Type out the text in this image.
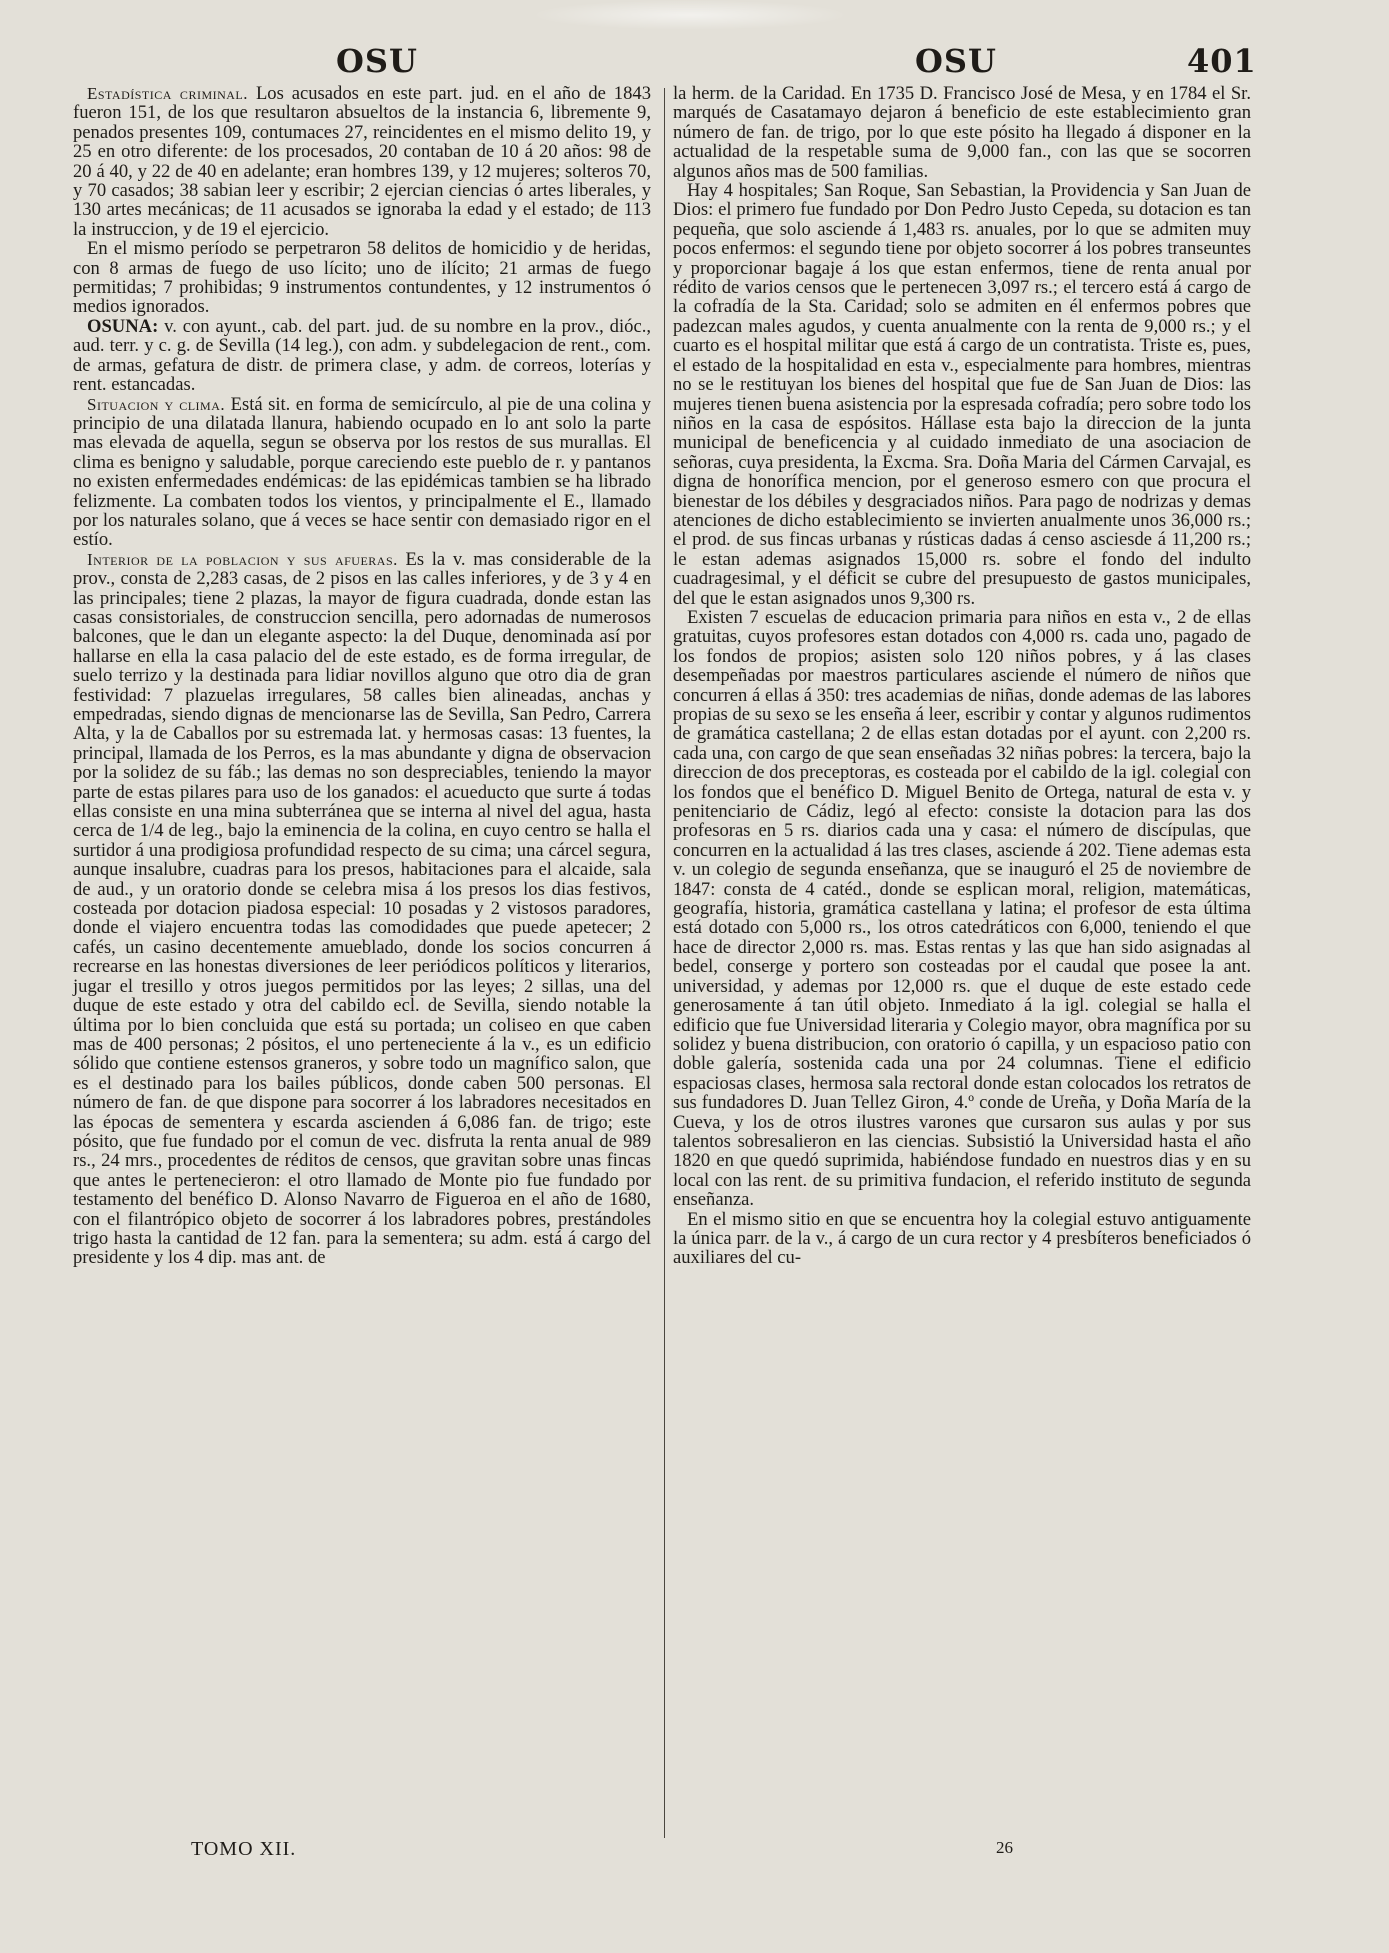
OSU	OSU	401

Estadística criminal. Los acusados en este part. jud. en el año de 1843 fueron 151, de los que resultaron absueltos de la instancia 6, libremente 9, penados presentes 109, contumaces 27, reincidentes en el mismo delito 19, y 25 en otro diferente: de los procesados, 20 contaban de 10 á 20 años: 98 de 20 á 40, y 22 de 40 en adelante; eran hombres 139, y 12 mujeres; solteros 70, y 70 casados; 38 sabian leer y escribir; 2 ejercian ciencias ó artes liberales, y 130 artes mecánicas; de 11 acusados se ignoraba la edad y el estado; de 113 la instruccion, y de 19 el ejercicio.

En el mismo período se perpetraron 58 delitos de homicidio y de heridas, con 8 armas de fuego de uso lícito; uno de ilícito; 21 armas de fuego permitidas; 7 prohibidas; 9 instrumentos contundentes, y 12 instrumentos ó medios ignorados.

OSUNA: v. con ayunt., cab. del part. jud. de su nombre en la prov., dióc., aud. terr. y c. g. de Sevilla (14 leg.), con adm. y subdelegacion de rent., com. de armas, gefatura de distr. de primera clase, y adm. de correos, loterías y rent. estancadas.

Situacion y clima. Está sit. en forma de semicírculo, al pie de una colina y principio de una dilatada llanura, habiendo ocupado en lo ant solo la parte mas elevada de aquella, segun se observa por los restos de sus murallas. El clima es benigno y saludable, porque careciendo este pueblo de r. y pantanos no existen enfermedades endémicas: de las epidémicas tambien se ha librado felizmente. La combaten todos los vientos, y principalmente el E., llamado por los naturales solano, que á veces se hace sentir con demasiado rigor en el estío.

Interior de la poblacion y sus afueras. Es la v. mas considerable de la prov., consta de 2,283 casas, de 2 pisos en las calles inferiores, y de 3 y 4 en las principales; tiene 2 plazas, la mayor de figura cuadrada, donde estan las casas consistoriales, de construccion sencilla, pero adornadas de numerosos balcones, que le dan un elegante aspecto: la del Duque, denominada así por hallarse en ella la casa palacio del de este estado, es de forma irregular, de suelo terrizo y la destinada para lidiar novillos alguno que otro dia de gran festividad: 7 plazuelas irregulares, 58 calles bien alineadas, anchas y empedradas, siendo dignas de mencionarse las de Sevilla, San Pedro, Carrera Alta, y la de Caballos por su estremada lat. y hermosas casas: 13 fuentes, la principal, llamada de los Perros, es la mas abundante y digna de observacion por la solidez de su fáb.; las demas no son despreciables, teniendo la mayor parte de estas pilares para uso de los ganados: el acueducto que surte á todas ellas consiste en una mina subterránea que se interna al nivel del agua, hasta cerca de 1/4 de leg., bajo la eminencia de la colina, en cuyo centro se halla el surtidor á una prodigiosa profundidad respecto de su cima; una cárcel segura, aunque insalubre, cuadras para los presos, habitaciones para el alcaide, sala de aud., y un oratorio donde se celebra misa á los presos los dias festivos, costeada por dotacion piadosa especial: 10 posadas y 2 vistosos paradores, donde el viajero encuentra todas las comodidades que puede apetecer; 2 cafés, un casino decentemente amueblado, donde los socios concurren á recrearse en las honestas diversiones de leer periódicos políticos y literarios, jugar el tresillo y otros juegos permitidos por las leyes; 2 sillas, una del duque de este estado y otra del cabildo ecl. de Sevilla, siendo notable la última por lo bien concluida que está su portada; un coliseo en que caben mas de 400 personas; 2 pósitos, el uno perteneciente á la v., es un edificio sólido que contiene estensos graneros, y sobre todo un magnífico salon, que es el destinado para los bailes públicos, donde caben 500 personas. El número de fan. de que dispone para socorrer á los labradores necesitados en las épocas de sementera y escarda ascienden á 6,086 fan. de trigo; este pósito, que fue fundado por el comun de vec. disfruta la renta anual de 989 rs., 24 mrs., procedentes de réditos de censos, que gravitan sobre unas fincas que antes le pertenecieron: el otro llamado de Monte pio fue fundado por testamento del benéfico D. Alonso Navarro de Figueroa en el año de 1680, con el filantrópico objeto de socorrer á los labradores pobres, prestándoles trigo hasta la cantidad de 12 fan. para la sementera; su adm. está á cargo del presidente y los 4 dip. mas ant. de

la herm. de la Caridad. En 1735 D. Francisco José de Mesa, y en 1784 el Sr. marqués de Casatamayo dejaron á beneficio de este establecimiento gran número de fan. de trigo, por lo que este pósito ha llegado á disponer en la actualidad de la respetable suma de 9,000 fan., con las que se socorren algunos años mas de 500 familias.

Hay 4 hospitales; San Roque, San Sebastian, la Providencia y San Juan de Dios: el primero fue fundado por Don Pedro Justo Cepeda, su dotacion es tan pequeña, que solo asciende á 1,483 rs. anuales, por lo que se admiten muy pocos enfermos: el segundo tiene por objeto socorrer á los pobres transeuntes y proporcionar bagaje á los que estan enfermos, tiene de renta anual por rédito de varios censos que le pertenecen 3,097 rs.; el tercero está á cargo de la cofradía de la Sta. Caridad; solo se admiten en él enfermos pobres que padezcan males agudos, y cuenta anualmente con la renta de 9,000 rs.; y el cuarto es el hospital militar que está á cargo de un contratista. Triste es, pues, el estado de la hospitalidad en esta v., especialmente para hombres, mientras no se le restituyan los bienes del hospital que fue de San Juan de Dios: las mujeres tienen buena asistencia por la espresada cofradía; pero sobre todo los niños en la casa de espósitos. Hállase esta bajo la direccion de la junta municipal de beneficencia y al cuidado inmediato de una asociacion de señoras, cuya presidenta, la Excma. Sra. Doña Maria del Cármen Carvajal, es digna de honorífica mencion, por el generoso esmero con que procura el bienestar de los débiles y desgraciados niños. Para pago de nodrizas y demas atenciones de dicho establecimiento se invierten anualmente unos 36,000 rs.; el prod. de sus fincas urbanas y rústicas dadas á censo asciesde á 11,200 rs.; le estan ademas asignados 15,000 rs. sobre el fondo del indulto cuadragesimal, y el déficit se cubre del presupuesto de gastos municipales, del que le estan asignados unos 9,300 rs.

Existen 7 escuelas de educacion primaria para niños en esta v., 2 de ellas gratuitas, cuyos profesores estan dotados con 4,000 rs. cada uno, pagado de los fondos de propios; asisten solo 120 niños pobres, y á las clases desempeñadas por maestros particulares asciende el número de niños que concurren á ellas á 350: tres academias de niñas, donde ademas de las labores propias de su sexo se les enseña á leer, escribir y contar y algunos rudimentos de gramática castellana; 2 de ellas estan dotadas por el ayunt. con 2,200 rs. cada una, con cargo de que sean enseñadas 32 niñas pobres: la tercera, bajo la direccion de dos preceptoras, es costeada por el cabildo de la igl. colegial con los fondos que el benéfico D. Miguel Benito de Ortega, natural de esta v. y penitenciario de Cádiz, legó al efecto: consiste la dotacion para las dos profesoras en 5 rs. diarios cada una y casa: el número de discípulas, que concurren en la actualidad á las tres clases, asciende á 202. Tiene ademas esta v. un colegio de segunda enseñanza, que se inauguró el 25 de noviembre de 1847: consta de 4 catéd., donde se esplican moral, religion, matemáticas, geografía, historia, gramática castellana y latina; el profesor de esta última está dotado con 5,000 rs., los otros catedráticos con 6,000, teniendo el que hace de director 2,000 rs. mas. Estas rentas y las que han sido asignadas al bedel, conserge y portero son costeadas por el caudal que posee la ant. universidad, y ademas por 12,000 rs. que el duque de este estado cede generosamente á tan útil objeto. Inmediato á la igl. colegial se halla el edificio que fue Universidad literaria y Colegio mayor, obra magnífica por su solidez y buena distribucion, con oratorio ó capilla, y un espacioso patio con doble galería, sostenida cada una por 24 columnas. Tiene el edificio espaciosas clases, hermosa sala rectoral donde estan colocados los retratos de sus fundadores D. Juan Tellez Giron, 4.º conde de Ureña, y Doña María de la Cueva, y los de otros ilustres varones que cursaron sus aulas y por sus talentos sobresalieron en las ciencias. Subsistió la Universidad hasta el año 1820 en que quedó suprimida, habiéndose fundado en nuestros dias y en su local con las rent. de su primitiva fundacion, el referido instituto de segunda enseñanza.

En el mismo sitio en que se encuentra hoy la colegial estuvo antiguamente la única parr. de la v., á cargo de un cura rector y 4 presbíteros beneficiados ó auxiliares del cu-

TOMO XII.	26
